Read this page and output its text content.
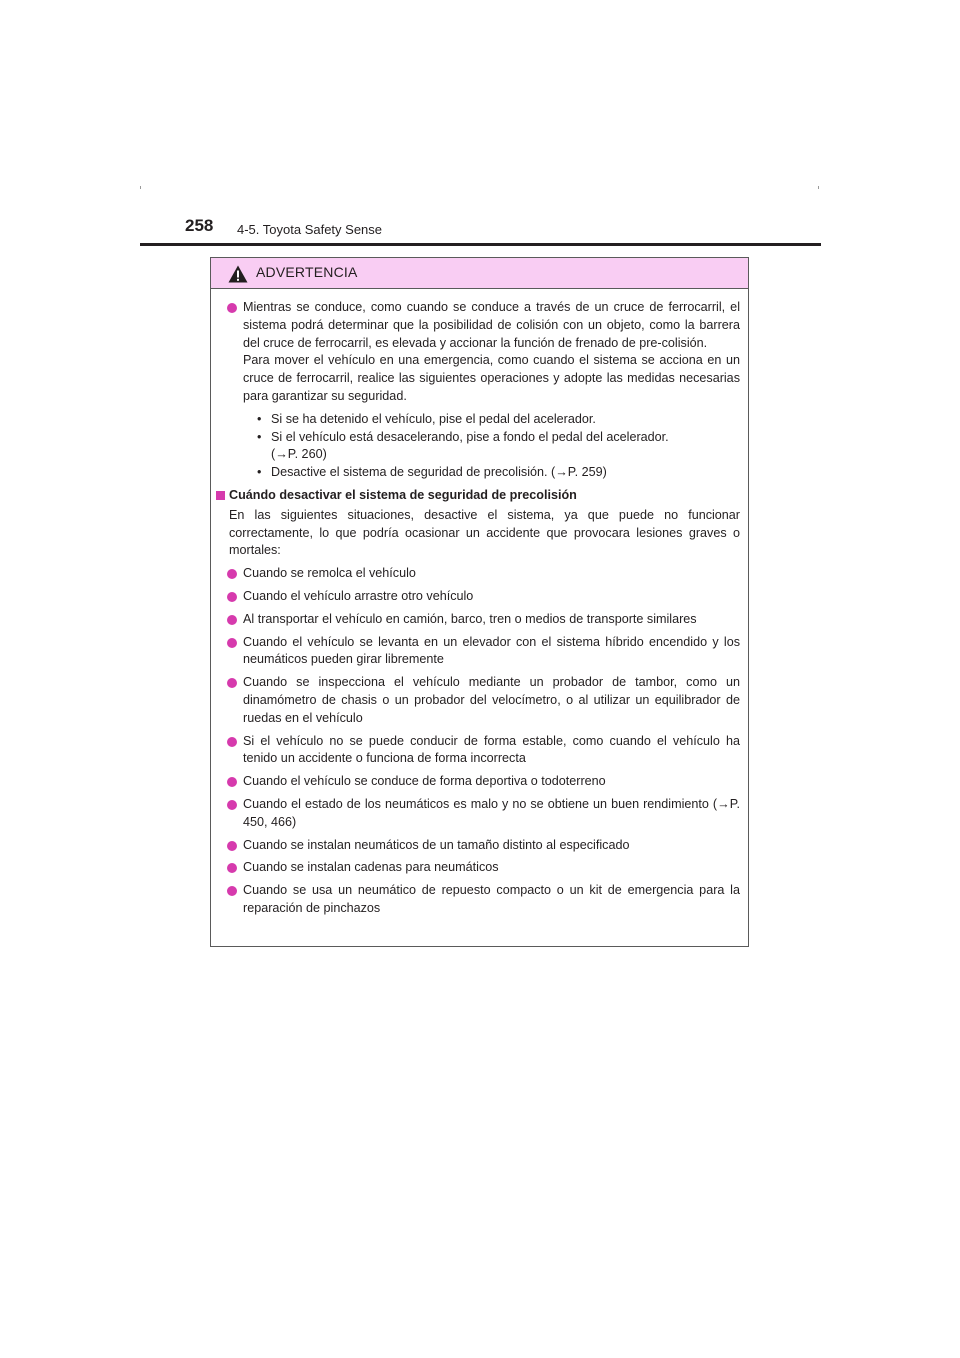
258 4-5. Toyota Safety Sense
ADVERTENCIA

Mientras se conduce, como cuando se conduce a través de un cruce de ferrocarril, el sistema podrá determinar que la posibilidad de colisión con un objeto, como la barrera del cruce de ferrocarril, es elevada y accionar la función de frenado de pre-colisión.

Para mover el vehículo en una emergencia, como cuando el sistema se acciona en un cruce de ferrocarril, realice las siguientes operaciones y adopte las medidas necesarias para garantizar su seguridad.

• Si se ha detenido el vehículo, pise el pedal del acelerador.
• Si el vehículo está desacelerando, pise a fondo el pedal del acelerador.
(→P. 260)
• Desactive el sistema de seguridad de precolisión. (→P. 259)
Cuándo desactivar el sistema de seguridad de precolisión
En las siguientes situaciones, desactive el sistema, ya que puede no funcionar correctamente, lo que podría ocasionar un accidente que provocara lesiones graves o mortales:
Cuando se remolca el vehículo
Cuando el vehículo arrastre otro vehículo
Al transportar el vehículo en camión, barco, tren o medios de transporte similares
Cuando el vehículo se levanta en un elevador con el sistema híbrido encendido y los neumáticos pueden girar libremente
Cuando se inspecciona el vehículo mediante un probador de tambor, como un dinamómetro de chasis o un probador del velocímetro, o al utilizar un equilibrador de ruedas en el vehículo
Si el vehículo no se puede conducir de forma estable, como cuando el vehículo ha tenido un accidente o funciona de forma incorrecta
Cuando el vehículo se conduce de forma deportiva o todoterreno
Cuando el estado de los neumáticos es malo y no se obtiene un buen rendimiento (→P. 450, 466)
Cuando se instalan neumáticos de un tamaño distinto al especificado
Cuando se instalan cadenas para neumáticos
Cuando se usa un neumático de repuesto compacto o un kit de emergencia para la reparación de pinchazos
